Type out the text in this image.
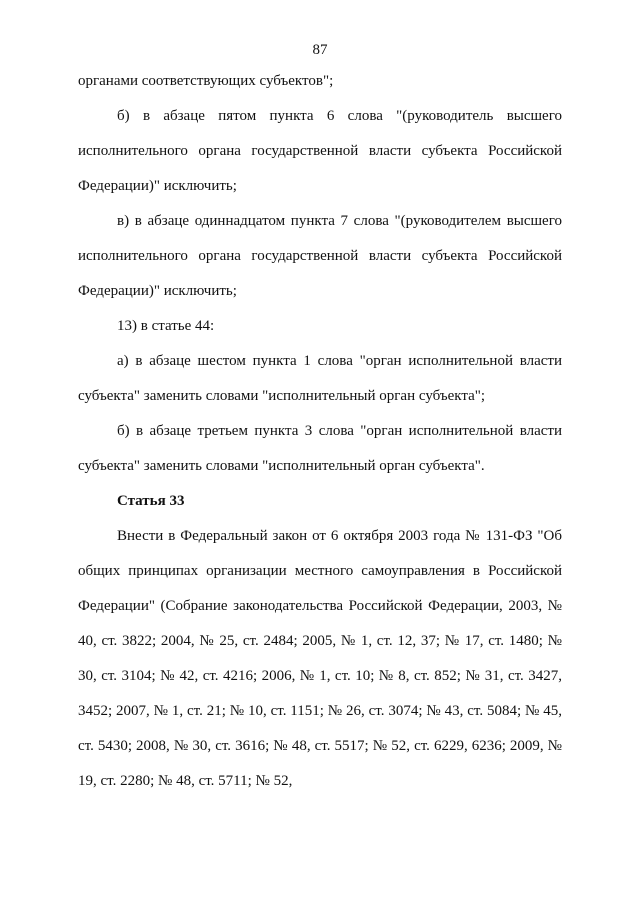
87

органами соответствующих субъектов";

б) в абзаце пятом пункта 6 слова "(руководитель высшего исполнительного органа государственной власти субъекта Российской Федерации)" исключить;

в) в абзаце одиннадцатом пункта 7 слова "(руководителем высшего исполнительного органа государственной власти субъекта Российской Федерации)" исключить;

13) в статье 44:

а) в абзаце шестом пункта 1 слова "орган исполнительной власти субъекта" заменить словами "исполнительный орган субъекта";

б) в абзаце третьем пункта 3 слова "орган исполнительной власти субъекта" заменить словами "исполнительный орган субъекта".

Статья 33

Внести в Федеральный закон от 6 октября 2003 года № 131-ФЗ "Об общих принципах организации местного самоуправления в Российской Федерации" (Собрание законодательства Российской Федерации, 2003, № 40, ст. 3822; 2004, № 25, ст. 2484; 2005, № 1, ст. 12, 37; № 17, ст. 1480; № 30, ст. 3104; № 42, ст. 4216; 2006, № 1, ст. 10; № 8, ст. 852; № 31, ст. 3427, 3452; 2007, № 1, ст. 21; № 10, ст. 1151; № 26, ст. 3074; № 43, ст. 5084; № 45, ст. 5430; 2008, № 30, ст. 3616; № 48, ст. 5517; № 52, ст. 6229, 6236; 2009, № 19, ст. 2280; № 48, ст. 5711; № 52,
